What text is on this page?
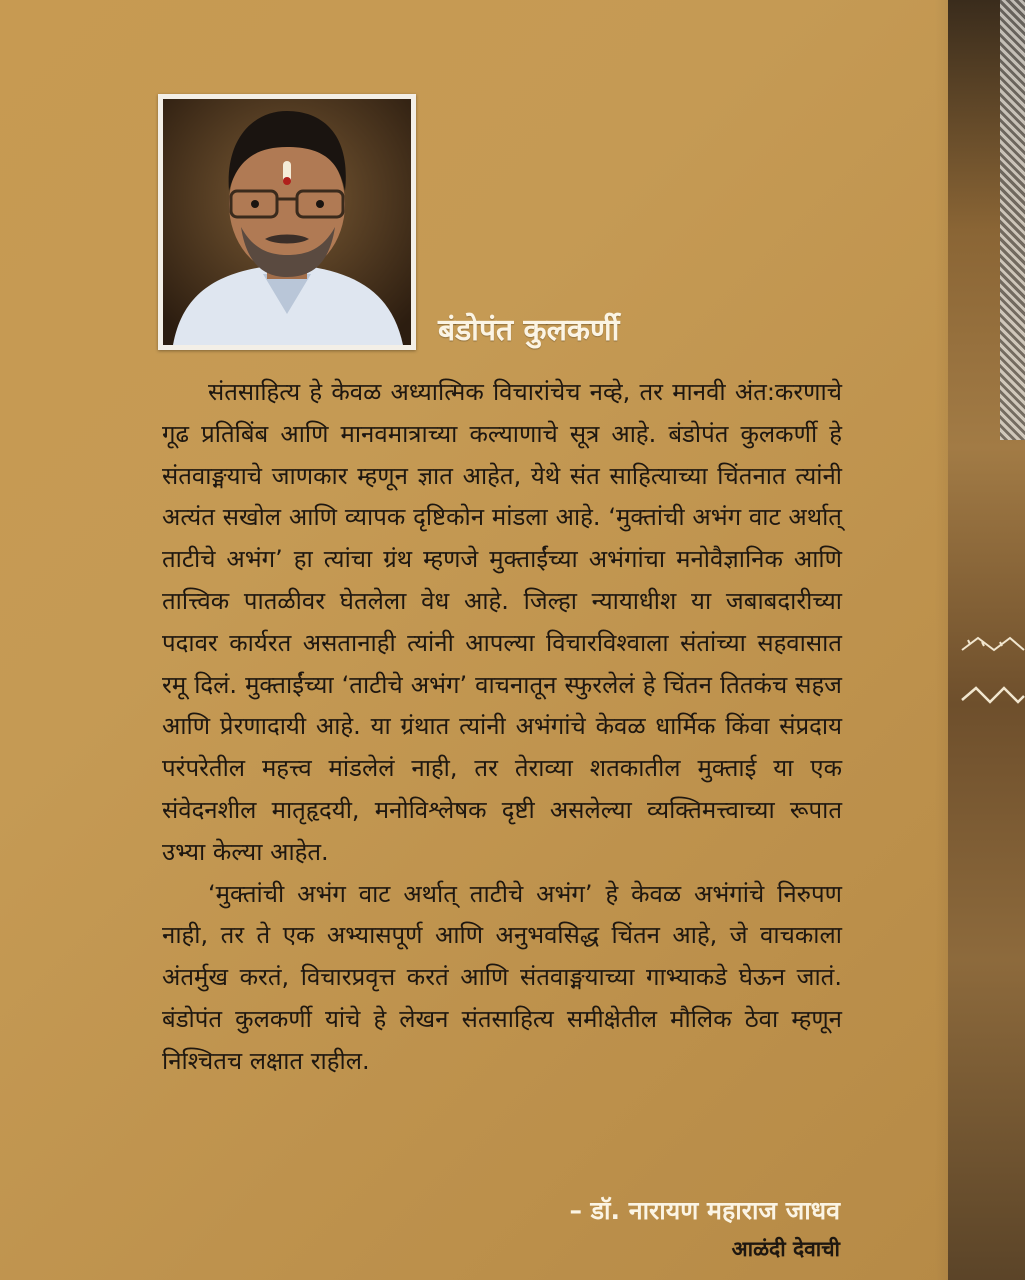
बंडोपंत कुलकर्णी

संतसाहित्य हे केवळ अध्यात्मिक विचारांचेच नव्हे, तर मानवी अंत:करणाचे गूढ प्रतिबिंब आणि मानवमात्राच्या कल्याणाचे सूत्र आहे. बंडोपंत कुलकर्णी हे संतवाङ्मयाचे जाणकार म्हणून ज्ञात आहेत, येथे संत साहित्याच्या चिंतनात त्यांनी अत्यंत सखोल आणि व्यापक दृष्टिकोन मांडला आहे. ‘मुक्तांची अभंग वाट अर्थात् ताटीचे अभंग’ हा त्यांचा ग्रंथ म्हणजे मुक्ताईंच्या अभंगांचा मनोवैज्ञानिक आणि तात्त्विक पातळीवर घेतलेला वेध आहे. जिल्हा न्यायाधीश या जबाबदारीच्या पदावर कार्यरत असतानाही त्यांनी आपल्या विचारविश्वाला संतांच्या सहवासात रमू दिलं. मुक्ताईंच्या ‘ताटीचे अभंग’ वाचनातून स्फुरलेलं हे चिंतन तितकंच सहज आणि प्रेरणादायी आहे. या ग्रंथात त्यांनी अभंगांचे केवळ धार्मिक किंवा संप्रदाय परंपरेतील महत्त्व मांडलेलं नाही, तर तेराव्या शतकातील मुक्ताई या एक संवेदनशील मातृहृदयी, मनोविश्लेषक दृष्टी असलेल्या व्यक्तिमत्त्वाच्या रूपात उभ्या केल्या आहेत.

‘मुक्तांची अभंग वाट अर्थात् ताटीचे अभंग’ हे केवळ अभंगांचे निरुपण नाही, तर ते एक अभ्यासपूर्ण आणि अनुभवसिद्ध चिंतन आहे, जे वाचकाला अंतर्मुख करतं, विचारप्रवृत्त करतं आणि संतवाङ्मयाच्या गाभ्याकडे घेऊन जातं. बंडोपंत कुलकर्णी यांचे हे लेखन संतसाहित्य समीक्षेतील मौलिक ठेवा म्हणून निश्चितच लक्षात राहील.

– डॉ. नारायण महाराज जाधव
आळंदी देवाची
